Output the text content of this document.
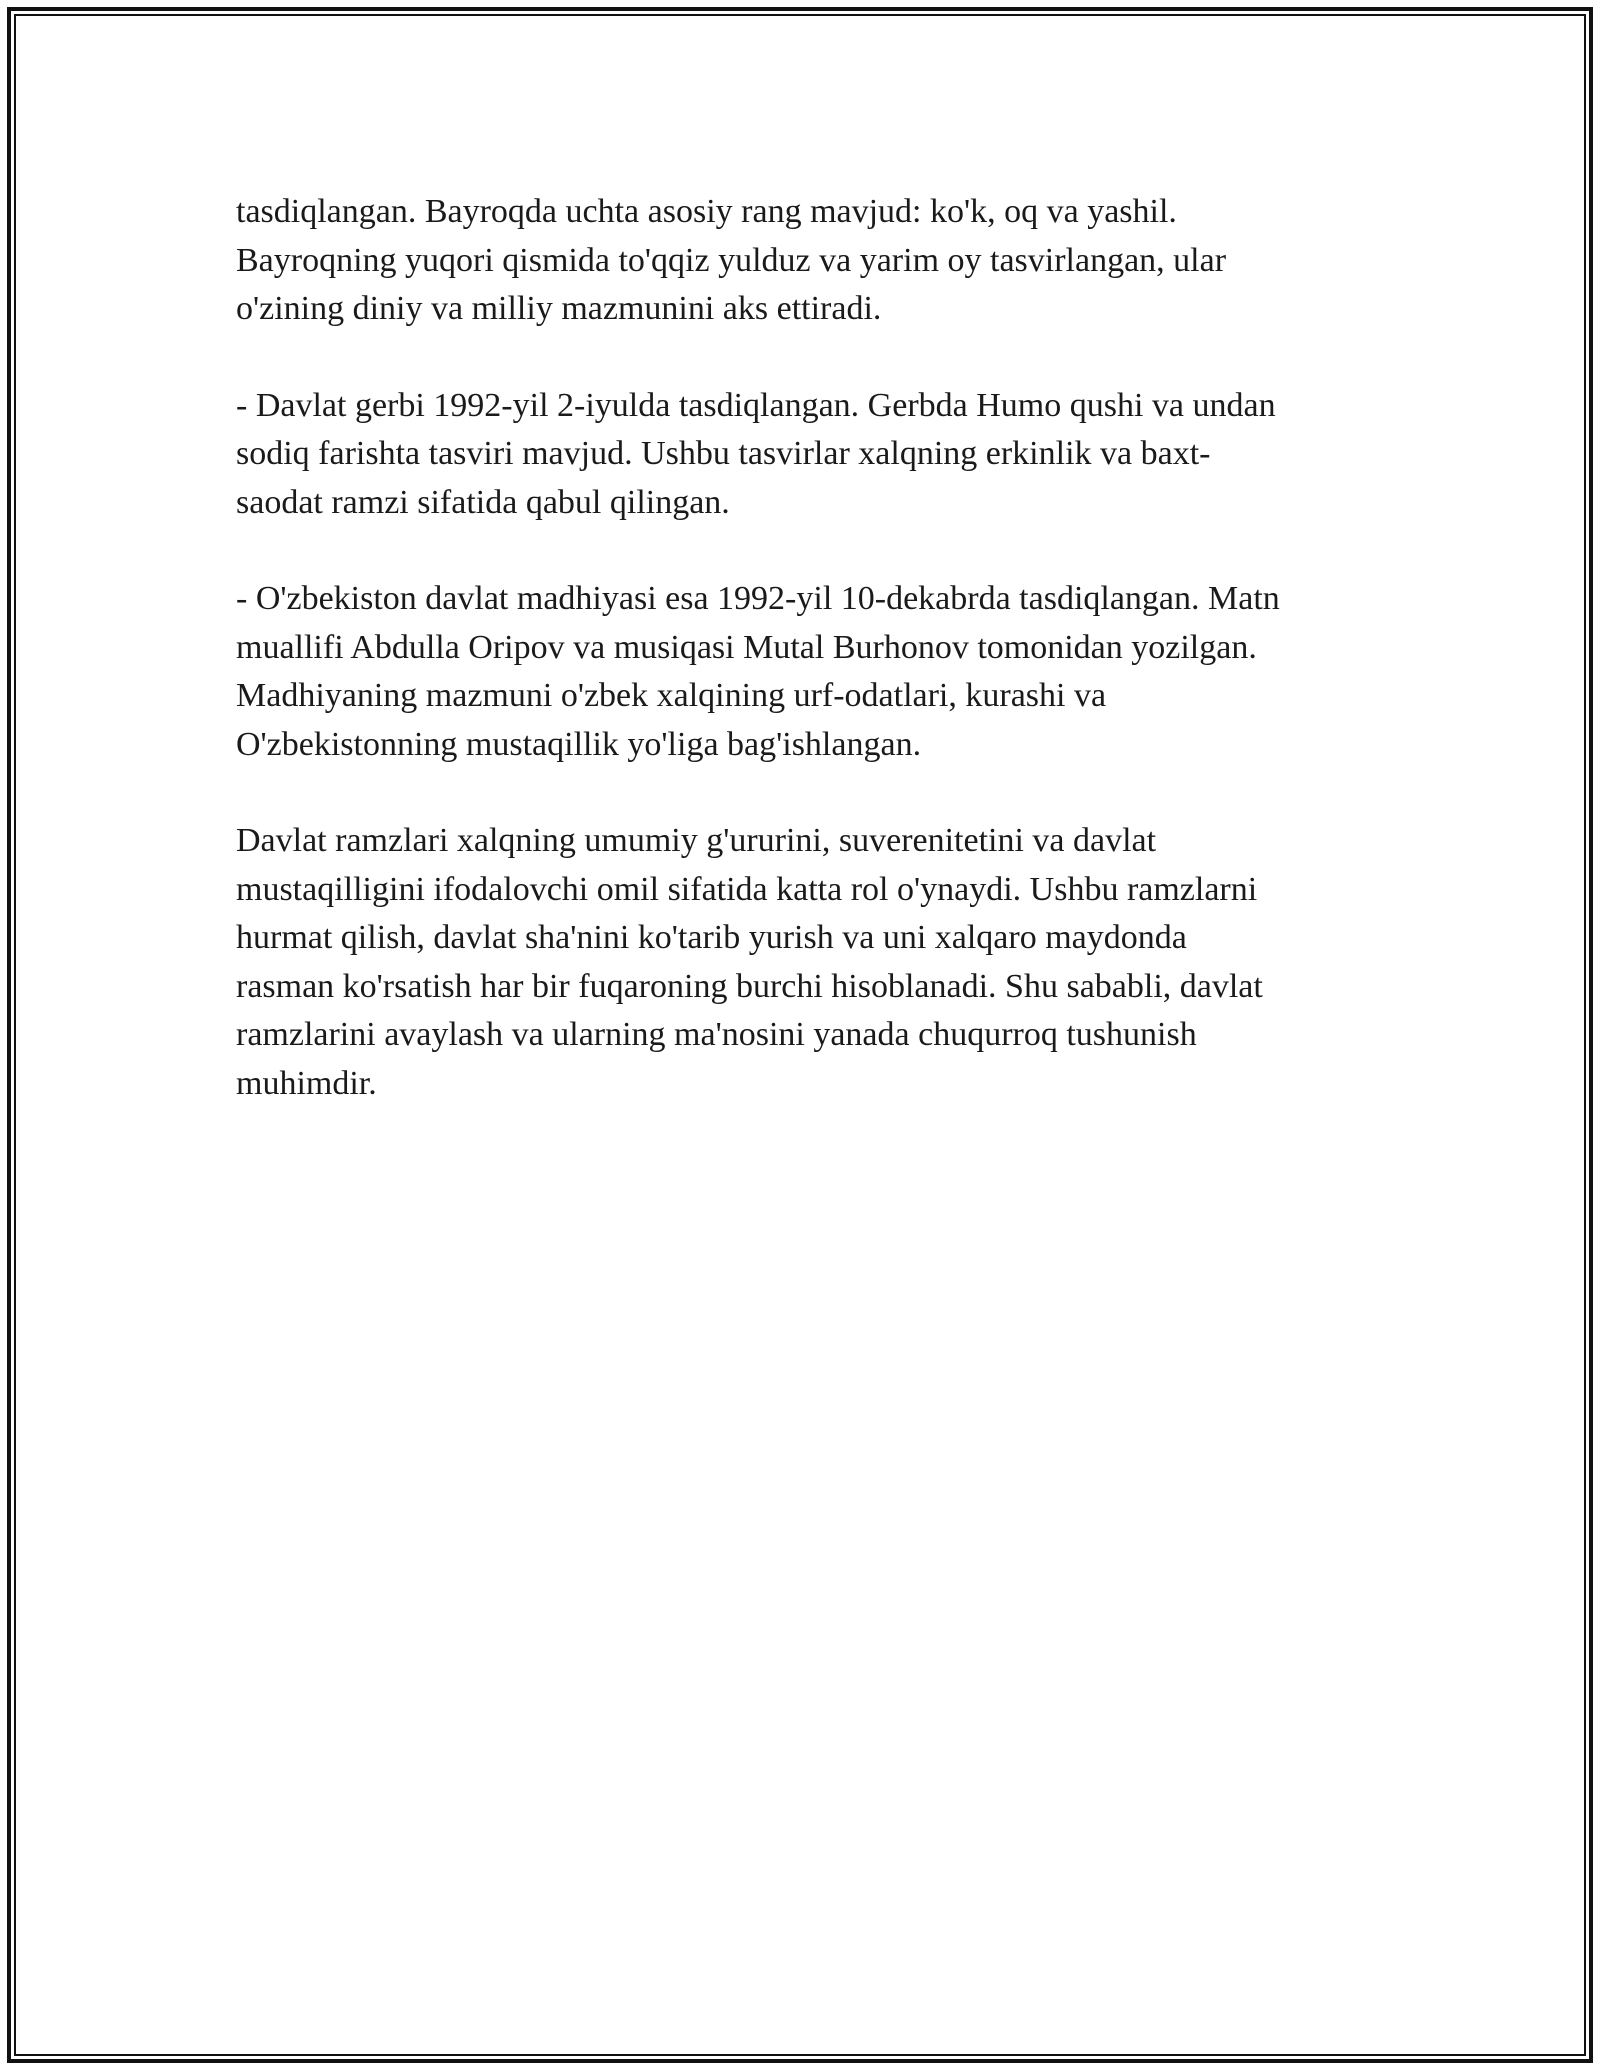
tasdiqlangan. Bayroqda uchta asosiy rang mavjud: ko'k, oq va yashil.
Bayroqning yuqori qismida to'qqiz yulduz va yarim oy tasvirlangan, ular
o'zining diniy va milliy mazmunini aks ettiradi.

- Davlat gerbi 1992-yil 2-iyulda tasdiqlangan. Gerbda Humo qushi va undan
sodiq farishta tasviri mavjud. Ushbu tasvirlar xalqning erkinlik va baxt-
saodat ramzi sifatida qabul qilingan.

- O'zbekiston davlat madhiyasi esa 1992-yil 10-dekabrda tasdiqlangan. Matn
muallifi Abdulla Oripov va musiqasi Mutal Burhonov tomonidan yozilgan.
Madhiyaning mazmuni o'zbek xalqining urf-odatlari, kurashi va
O'zbekistonning mustaqillik yo'liga bag'ishlangan.

Davlat ramzlari xalqning umumiy g'ururini, suverenitetini va davlat
mustaqilligini ifodalovchi omil sifatida katta rol o'ynaydi. Ushbu ramzlarni
hurmat qilish, davlat sha'nini ko'tarib yurish va uni xalqaro maydonda
rasman ko'rsatish har bir fuqaroning burchi hisoblanadi. Shu sababli, davlat
ramzlarini avaylash va ularning ma'nosini yanada chuqurroq tushunish
muhimdir.
